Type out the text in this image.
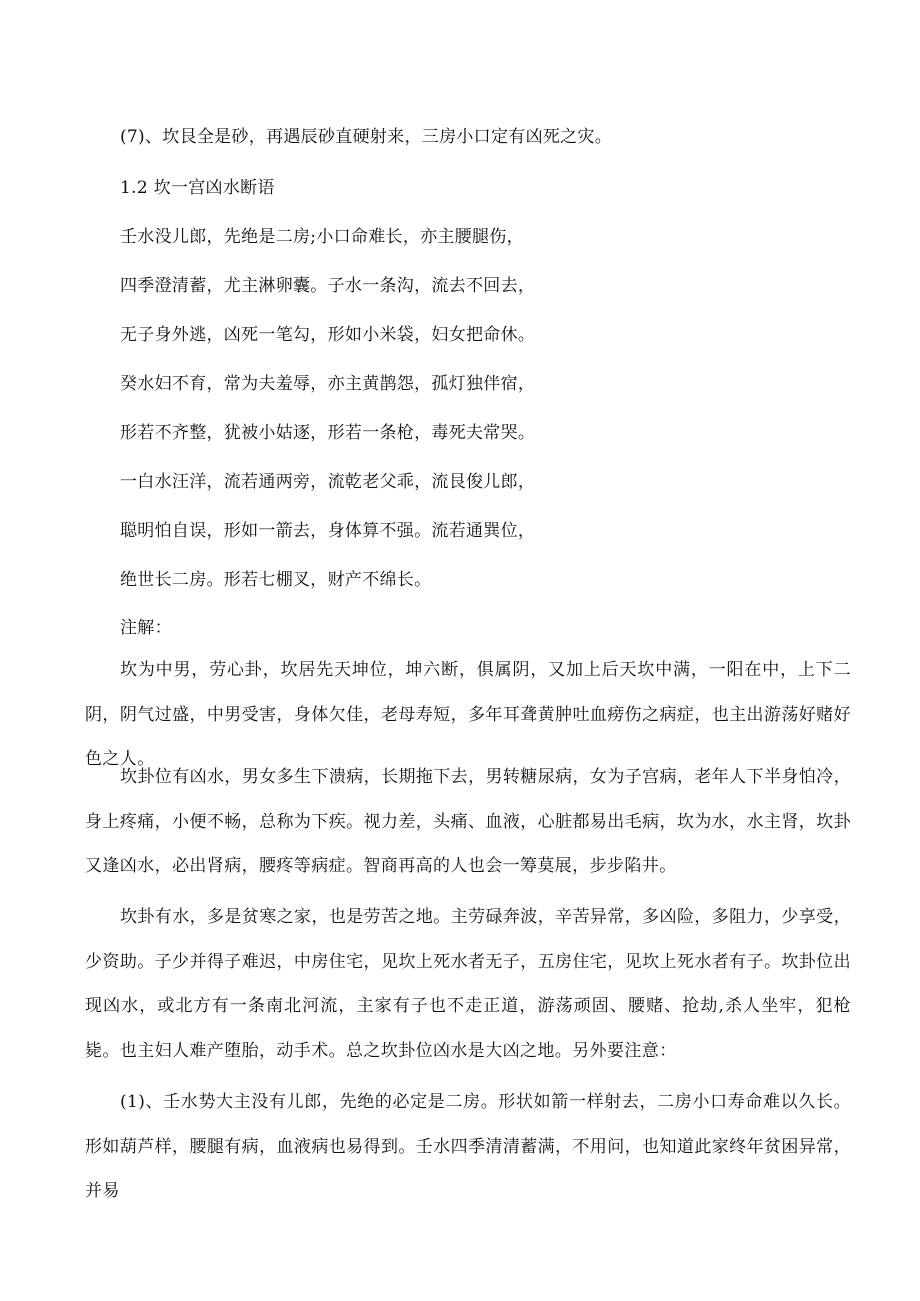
(7)、坎艮全是砂，再遇辰砂直硬射来，三房小口定有凶死之灾。
1.2 坎一宫凶水断语
壬水没儿郎，先绝是二房;小口命难长，亦主腰腿伤，
四季澄清蓄，尤主淋卵囊。子水一条沟，流去不回去，
无子身外逃，凶死一笔勾，形如小米袋，妇女把命休。
癸水妇不育，常为夫羞辱，亦主黄鹊怨，孤灯独伴宿，
形若不齐整，犹被小姑逐，形若一条枪，毒死夫常哭。
一白水汪洋，流若通两旁，流乾老父乖，流艮俊儿郎，
聪明怕自误，形如一箭去，身体算不强。流若通巽位，
绝世长二房。形若七棚叉，财产不绵长。
注解：
坎为中男，劳心卦，坎居先天坤位，坤六断，俱属阴，又加上后天坎中满，一阳在中，上下二阴，阴气过盛，中男受害，身体欠佳，老母寿短，多年耳聋黄肿吐血痨伤之病症，也主出游荡好赌好色之人。
坎卦位有凶水，男女多生下溃病，长期拖下去，男转糖尿病，女为子宫病，老年人下半身怕冷，身上疼痛，小便不畅，总称为下疾。视力差，头痛、血液，心脏都易出毛病，坎为水，水主肾，坎卦又逢凶水，必出肾病，腰疼等病症。智商再高的人也会一筹莫展，步步陷井。
坎卦有水，多是贫寒之家，也是劳苦之地。主劳碌奔波，辛苦异常，多凶险，多阻力，少享受，少资助。子少并得子难迟，中房住宅，见坎上死水者无子，五房住宅，见坎上死水者有子。坎卦位出现凶水，或北方有一条南北河流，主家有子也不走正道，游荡顽固、腰赌、抢劫,杀人坐牢，犯枪毙。也主妇人难产堕胎，动手术。总之坎卦位凶水是大凶之地。另外要注意：
(1)、壬水势大主没有儿郎，先绝的必定是二房。形状如箭一样射去，二房小口寿命难以久长。形如葫芦样，腰腿有病，血液病也易得到。壬水四季清清蓄满，不用问，也知道此家终年贫困异常，并易
